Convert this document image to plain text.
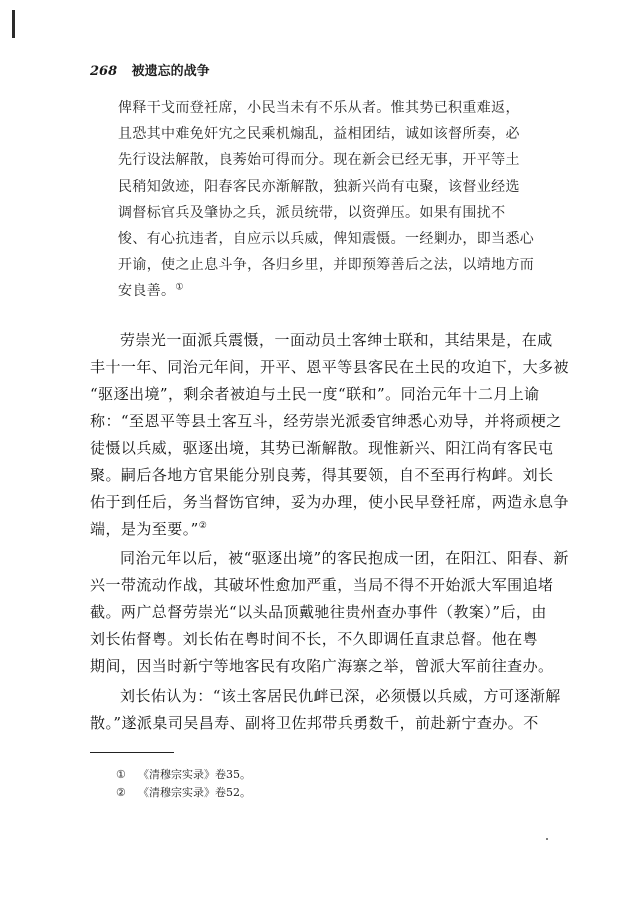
268 被遗忘的战争
俾释干戈而登衽席，小民当未有不乐从者。惟其势已积重难返，
且恐其中难免奸宄之民乘机煽乱，益相团结，诚如该督所奏，必
先行设法解散，良莠始可得而分。现在新会已经无事，开平等土
民稍知敛迹，阳春客民亦渐解散，独新兴尚有屯聚，该督业经选
调督标官兵及肇协之兵，派员统带，以资弹压。如果有围扰不
悛、有心抗违者，自应示以兵威，俾知震慑。一经剿办，即当悉心
开谕，使之止息斗争，各归乡里，并即预筹善后之法，以靖地方而
安良善。①
劳崇光一面派兵震慑，一面动员土客绅士联和，其结果是，在咸
丰十一年、同治元年间，开平、恩平等县客民在土民的攻迫下，大多被
“驱逐出境”，剩余者被迫与土民一度“联和”。同治元年十二月上谕
称：“至恩平等县土客互斗，经劳崇光派委官绅悉心劝导，并将顽梗之
徒慑以兵威，驱逐出境，其势已渐解散。现惟新兴、阳江尚有客民屯
聚。嗣后各地方官果能分别良莠，得其要领，自不至再行构衅。刘长
佑于到任后，务当督饬官绅，妥为办理，使小民早登衽席，两造永息争
端，是为至要。”②
同治元年以后，被“驱逐出境”的客民抱成一团，在阳江、阳春、新
兴一带流动作战，其破坏性愈加严重，当局不得不开始派大军围追堵
截。两广总督劳崇光“以头品顶戴驰往贵州查办事件（教案）”后，由
刘长佑督粤。刘长佑在粤时间不长，不久即调任直隶总督。他在粤
期间，因当时新宁等地客民有攻陷广海寨之举，曾派大军前往查办。
刘长佑认为：“该土客居民仇衅已深，必须慑以兵威，方可逐渐解
散。”遂派臬司吴昌寿、副将卫佐邦带兵勇数千，前赴新宁查办。不
① 《清穆宗实录》卷35。
② 《清穆宗实录》卷52。
